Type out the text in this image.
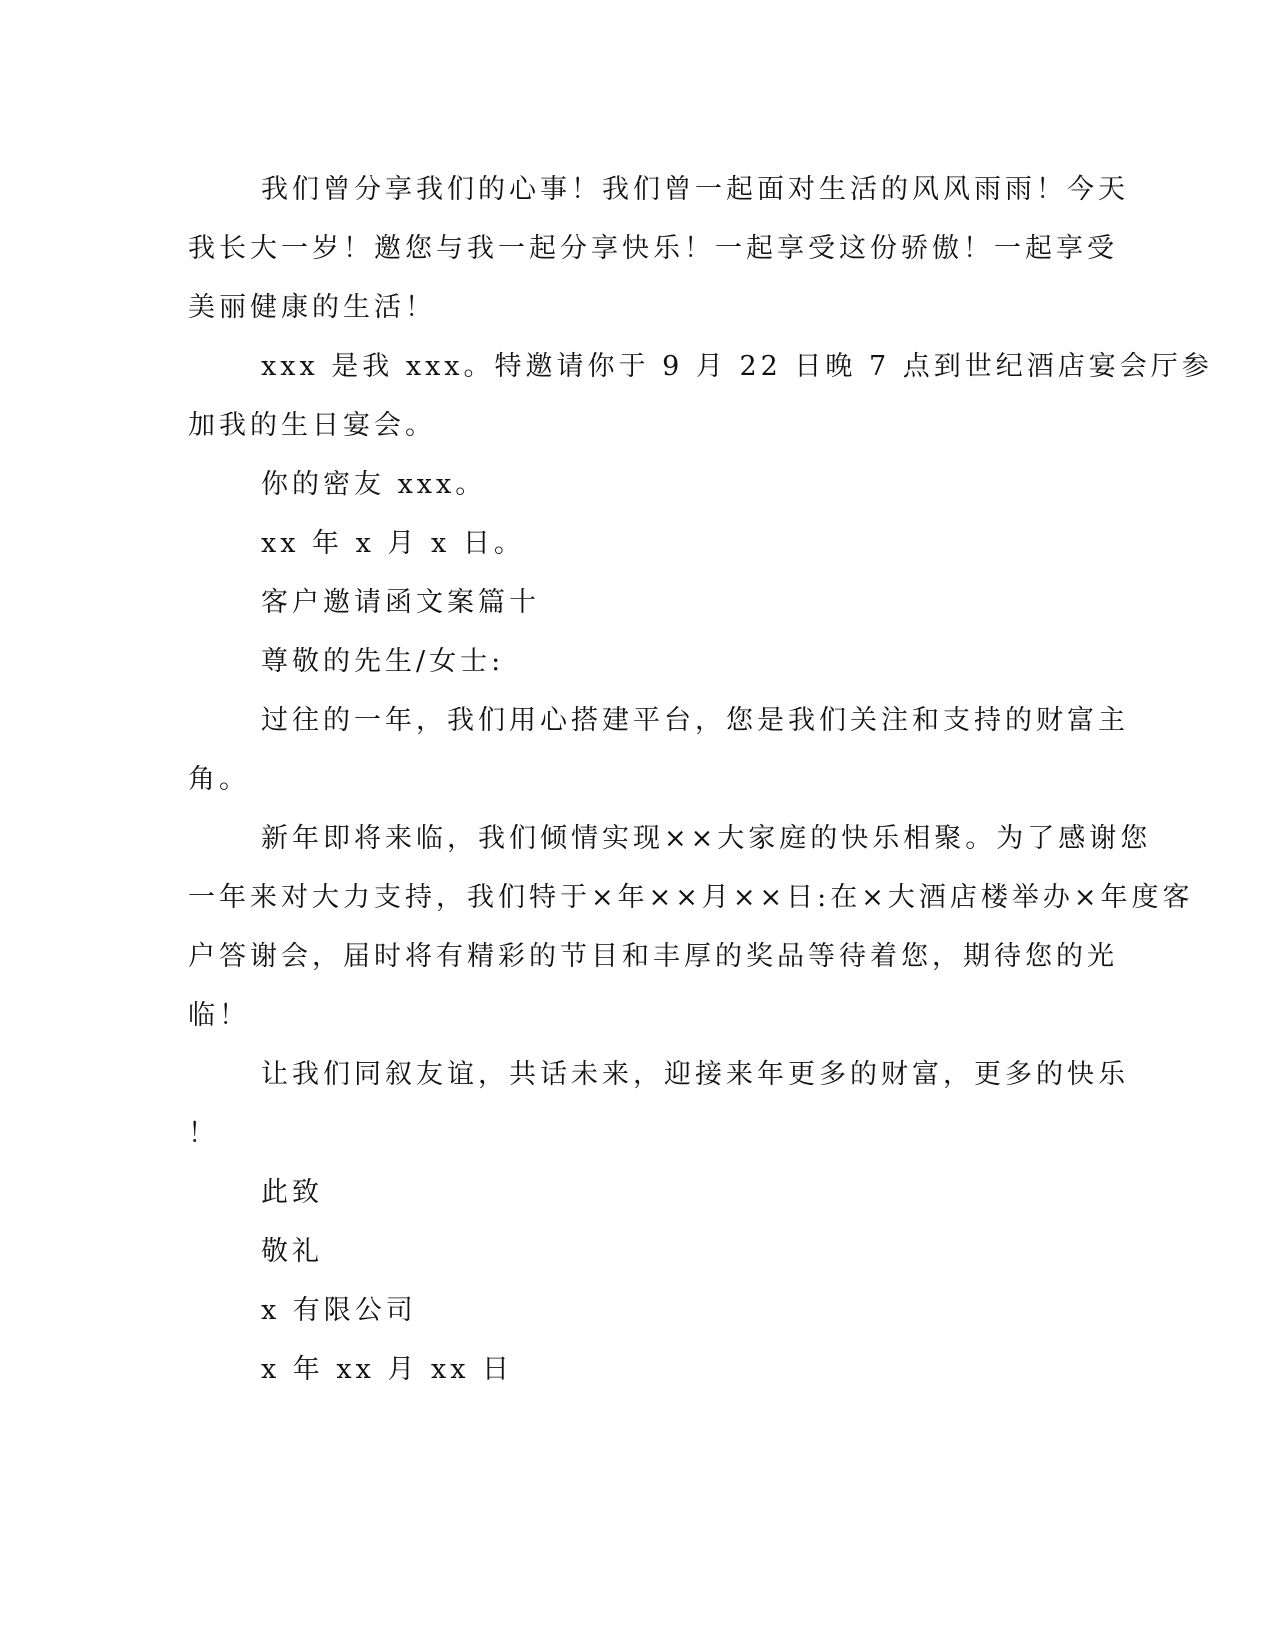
我们曾分享我们的心事！我们曾一起面对生活的风风雨雨！今天
我长大一岁！邀您与我一起分享快乐！一起享受这份骄傲！一起享受
美丽健康的生活！
xxx 是我 xxx。特邀请你于 9 月 22 日晚 7 点到世纪酒店宴会厅参
加我的生日宴会。
你的密友 xxx。
xx 年 x 月 x 日。
客户邀请函文案篇十
尊敬的先生/女士:
过往的一年，我们用心搭建平台，您是我们关注和支持的财富主
角。
新年即将来临，我们倾情实现××大家庭的快乐相聚。为了感谢您
一年来对大力支持，我们特于×年××月××日:在×大酒店楼举办×年度客
户答谢会，届时将有精彩的节目和丰厚的奖品等待着您，期待您的光
临！
让我们同叙友谊，共话未来，迎接来年更多的财富，更多的快乐
！
此致
敬礼
x 有限公司
x 年 xx 月 xx 日
